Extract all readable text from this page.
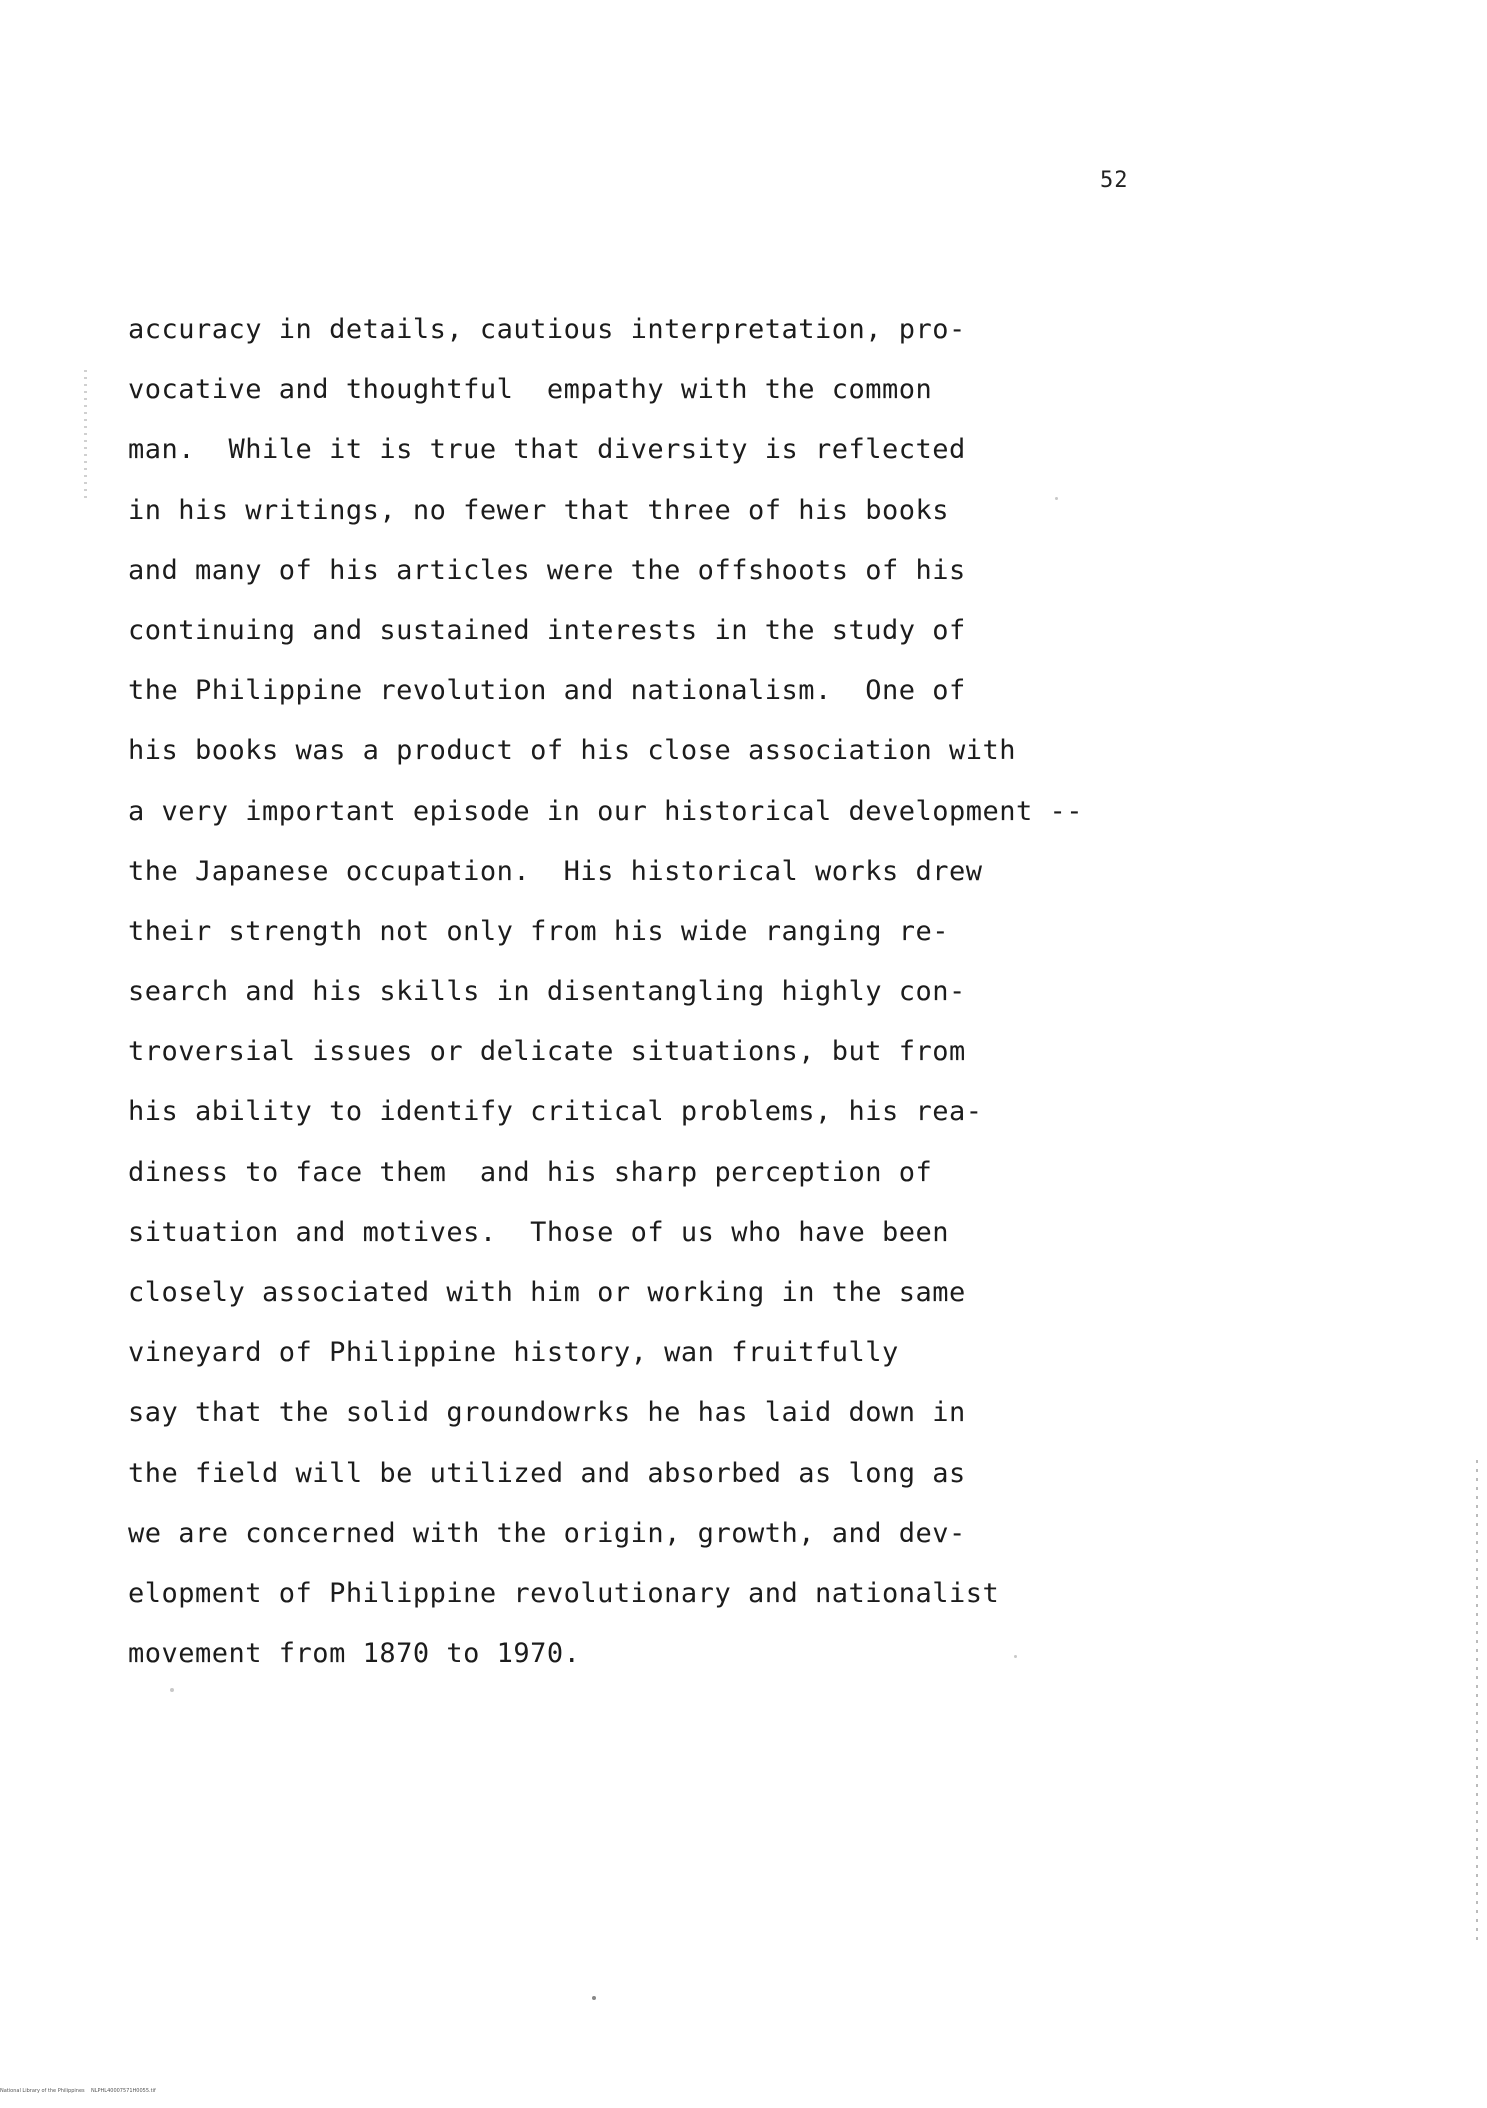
52
accuracy in details, cautious interpretation, pro-
vocative and thoughtful  empathy with the common
man.  While it is true that diversity is reflected
in his writings, no fewer that three of his books
and many of his articles were the offshoots of his
continuing and sustained interests in the study of
the Philippine revolution and nationalism.  One of
his books was a product of his close association with
a very important episode in our historical development --
the Japanese occupation.  His historical works drew
their strength not only from his wide ranging re-
search and his skills in disentangling highly con-
troversial issues or delicate situations, but from
his ability to identify critical problems, his rea-
diness to face them  and his sharp perception of
situation and motives.  Those of us who have been
closely associated with him or working in the same
vineyard of Philippine history, wan fruitfully
say that the solid groundowrks he has laid down in
the field will be utilized and absorbed as long as
we are concerned with the origin, growth, and dev-
elopment of Philippine revolutionary and nationalist
movement from 1870 to 1970.
National Library of the Philippines    NLPHL40007571H0055.tif
